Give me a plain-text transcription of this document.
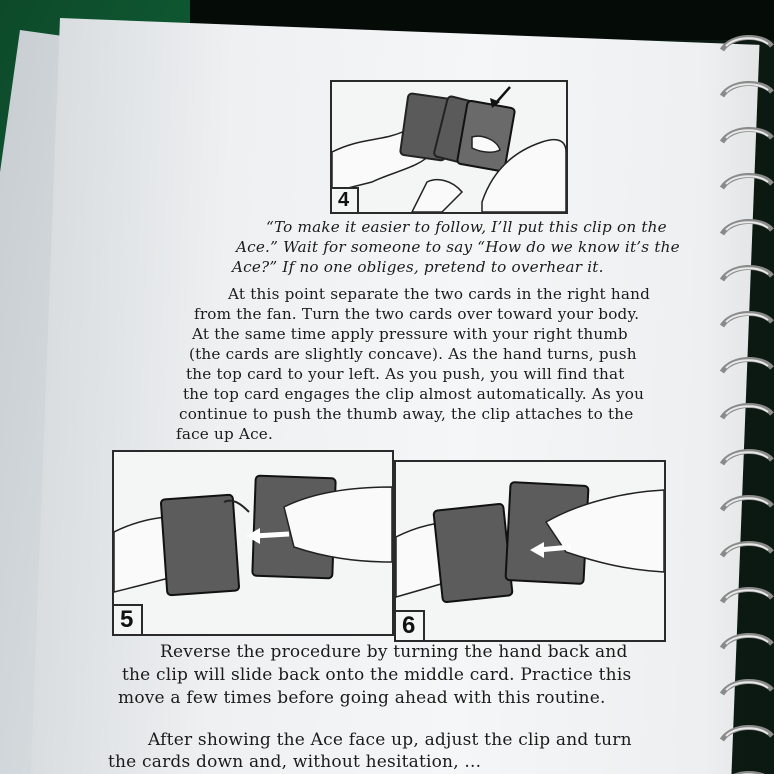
4
5	6
“To make it easier to follow, I’ll put this clip on the
Ace.” Wait for someone to say “How do we know it’s the
Ace?” If no one obliges, pretend to overhear it.
At this point separate the two cards in the right hand
from the fan. Turn the two cards over toward your body.
At the same time apply pressure with your right thumb
(the cards are slightly concave). As the hand turns, push
the top card to your left. As you push, you will find that
the top card engages the clip almost automatically. As you
continue to push the thumb away, the clip attaches to the
face up Ace.
Reverse the procedure by turning the hand back and
the clip will slide back onto the middle card. Practice this
move a few times before going ahead with this routine.
After showing the Ace face up, adjust the clip and turn
the cards down and, without hesitation, ...
